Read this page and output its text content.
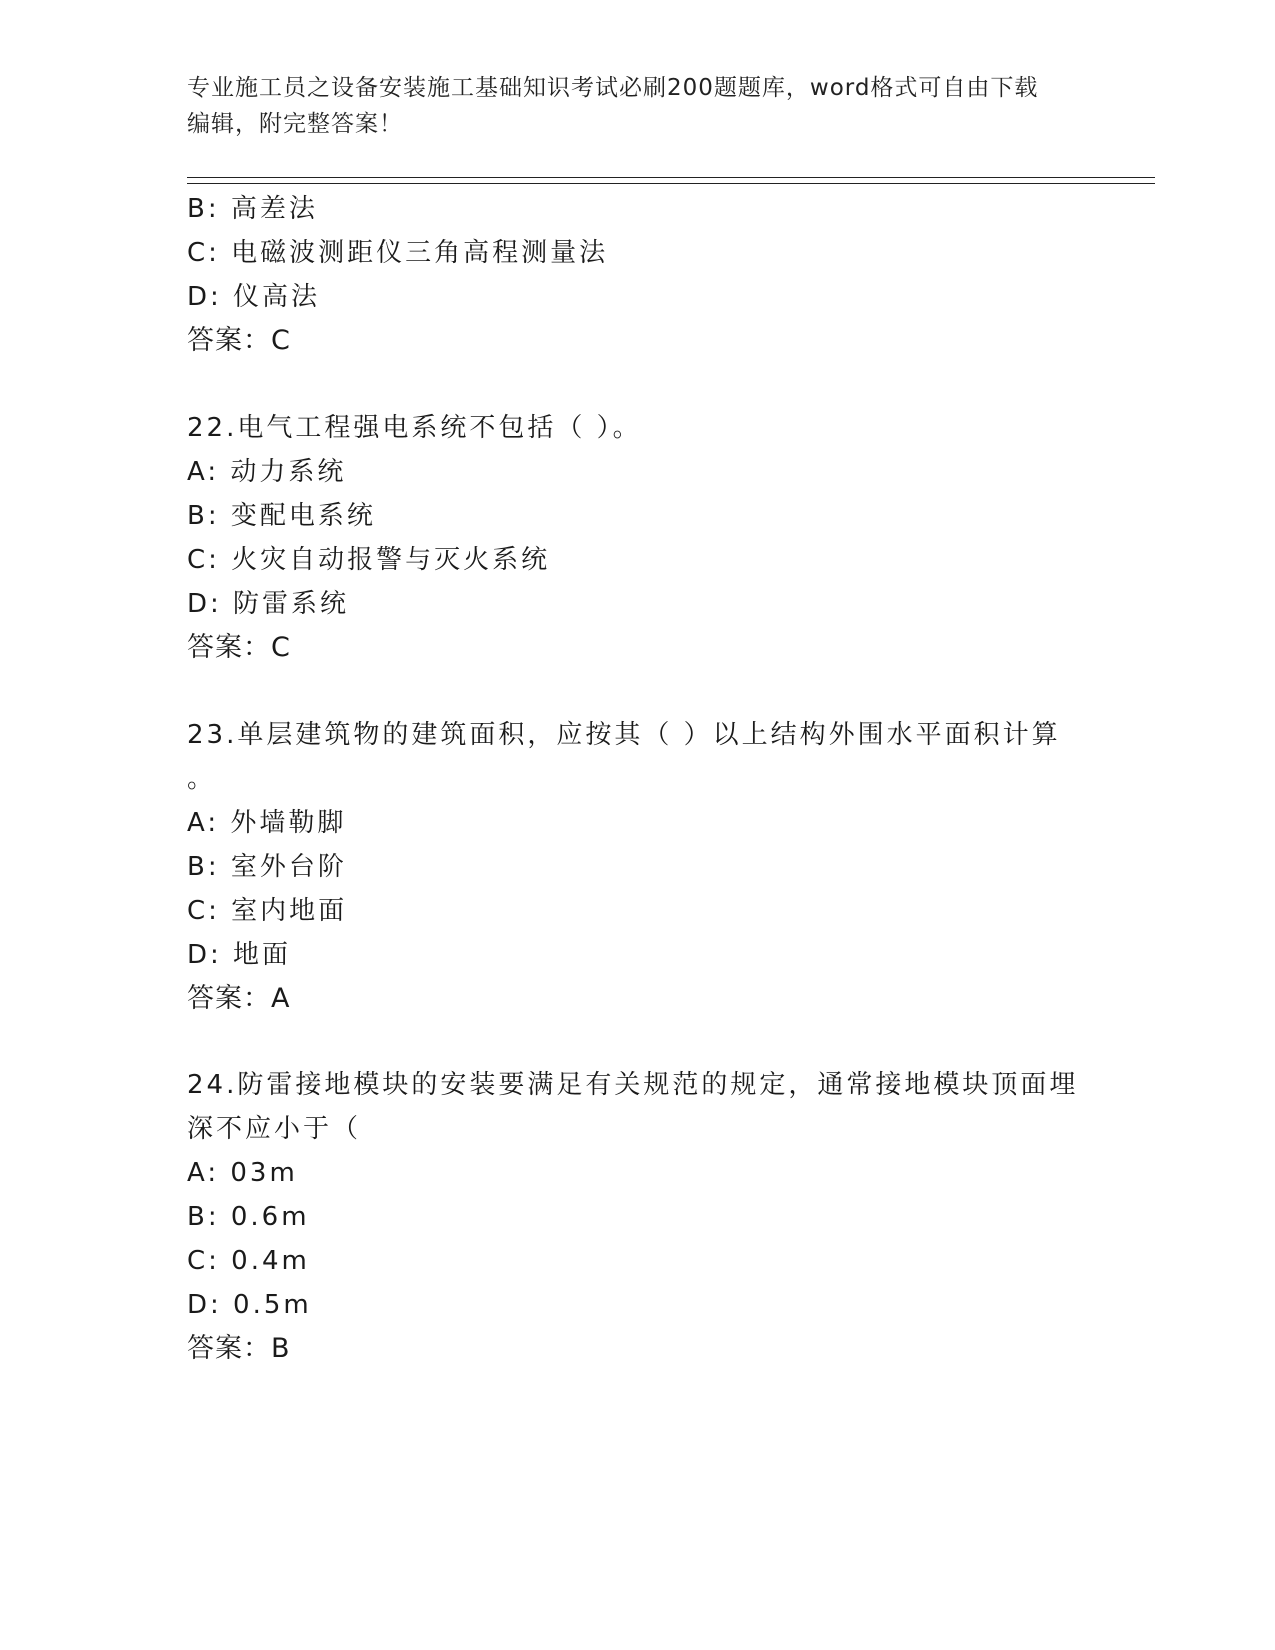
专业施工员之设备安装施工基础知识考试必刷200题题库，word格式可自由下载
编辑，附完整答案！
B: 高差法
C: 电磁波测距仪三角高程测量法
D: 仪高法
答案：C
22.电气工程强电系统不包括（ ）。
A: 动力系统
B: 变配电系统
C: 火灾自动报警与灭火系统
D: 防雷系统
答案：C
23.单层建筑物的建筑面积，应按其（ ）以上结构外围水平面积计算
。
A: 外墙勒脚
B: 室外台阶
C: 室内地面
D: 地面
答案：A
24.防雷接地模块的安装要满足有关规范的规定，通常接地模块顶面埋
深不应小于（
A: 03m
B: 0.6m
C: 0.4m
D: 0.5m
答案：B
